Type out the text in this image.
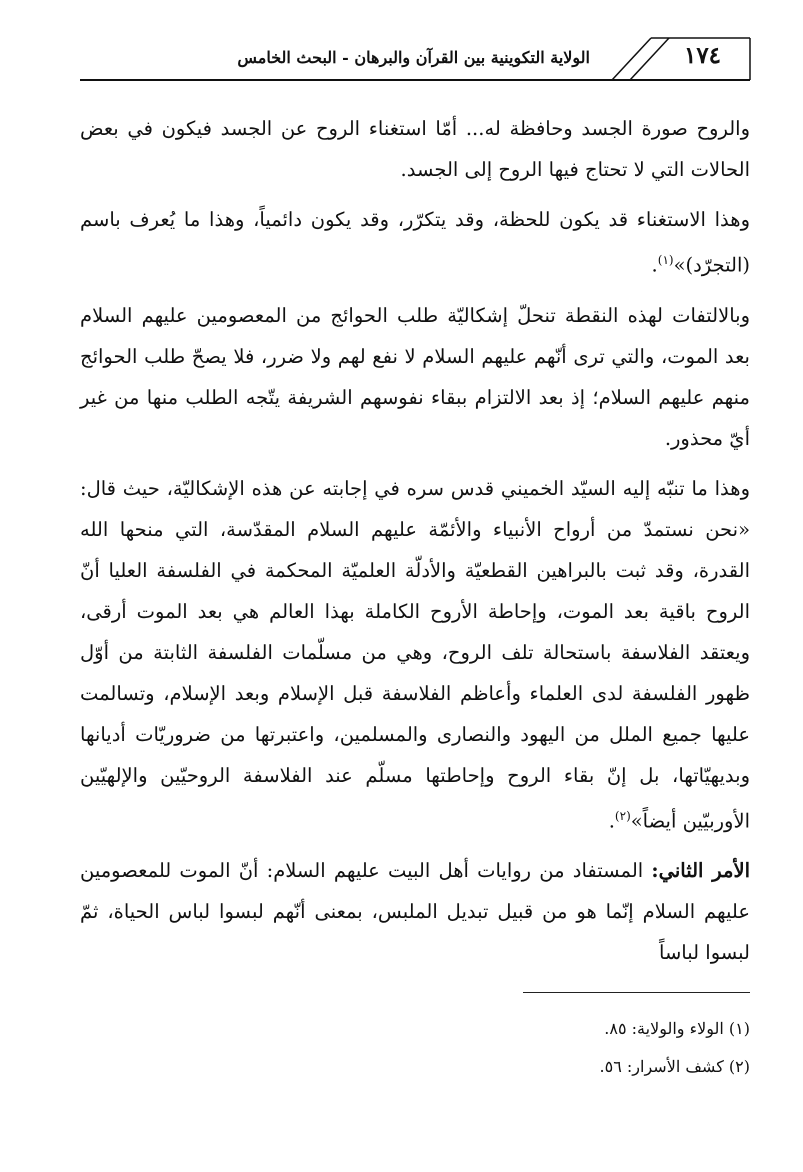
١٧٤
الولاية التكوينية بين القرآن والبرهان - البحث الخامس

والروح صورة الجسد وحافظة له... أمّا استغناء الروح عن الجسد فيكون في بعض الحالات التي لا تحتاج فيها الروح إلى الجسد.

وهذا الاستغناء قد يكون للحظة، وقد يتكرّر، وقد يكون دائمياً، وهذا ما يُعرف باسم (التجرّد)»$^{(١)}$.

وبالالتفات لهذه النقطة تنحلّ إشكاليّة طلب الحوائج من المعصومين عليهم السلام بعد الموت، والتي ترى أنّهم عليهم السلام لا نفع لهم ولا ضرر، فلا يصحّ طلب الحوائج منهم عليهم السلام؛ إذ بعد الالتزام ببقاء نفوسهم الشريفة يتّجه الطلب منها من غير أيّ محذور.

وهذا ما تنبّه إليه السيّد الخميني قدس سره في إجابته عن هذه الإشكاليّة، حيث قال: «نحن نستمدّ من أرواح الأنبياء والأئمّة عليهم السلام المقدّسة، التي منحها الله القدرة، وقد ثبت بالبراهين القطعيّة والأدلّة العلميّة المحكمة في الفلسفة العليا أنّ الروح باقية بعد الموت، وإحاطة الأروح الكاملة بهذا العالم هي بعد الموت أرقى، ويعتقد الفلاسفة باستحالة تلف الروح، وهي من مسلّمات الفلسفة الثابتة من أوّل ظهور الفلسفة لدى العلماء وأعاظم الفلاسفة قبل الإسلام وبعد الإسلام، وتسالمت عليها جميع الملل من اليهود والنصارى والمسلمين، واعتبرتها من ضروريّات أديانها وبديهيّاتها، بل إنّ بقاء الروح وإحاطتها مسلّم عند الفلاسفة الروحيّين والإلهيّين الأوربيّين أيضاً»$^{(٢)}$.

الأمر الثاني: المستفاد من روايات أهل البيت عليهم السلام: أنّ الموت للمعصومين عليهم السلام إنّما هو من قبيل تبديل الملبس، بمعنى أنّهم لبسوا لباس الحياة، ثمّ لبسوا لباساً

(١) الولاء والولاية: ٨٥.

(٢) كشف الأسرار: ٥٦.
